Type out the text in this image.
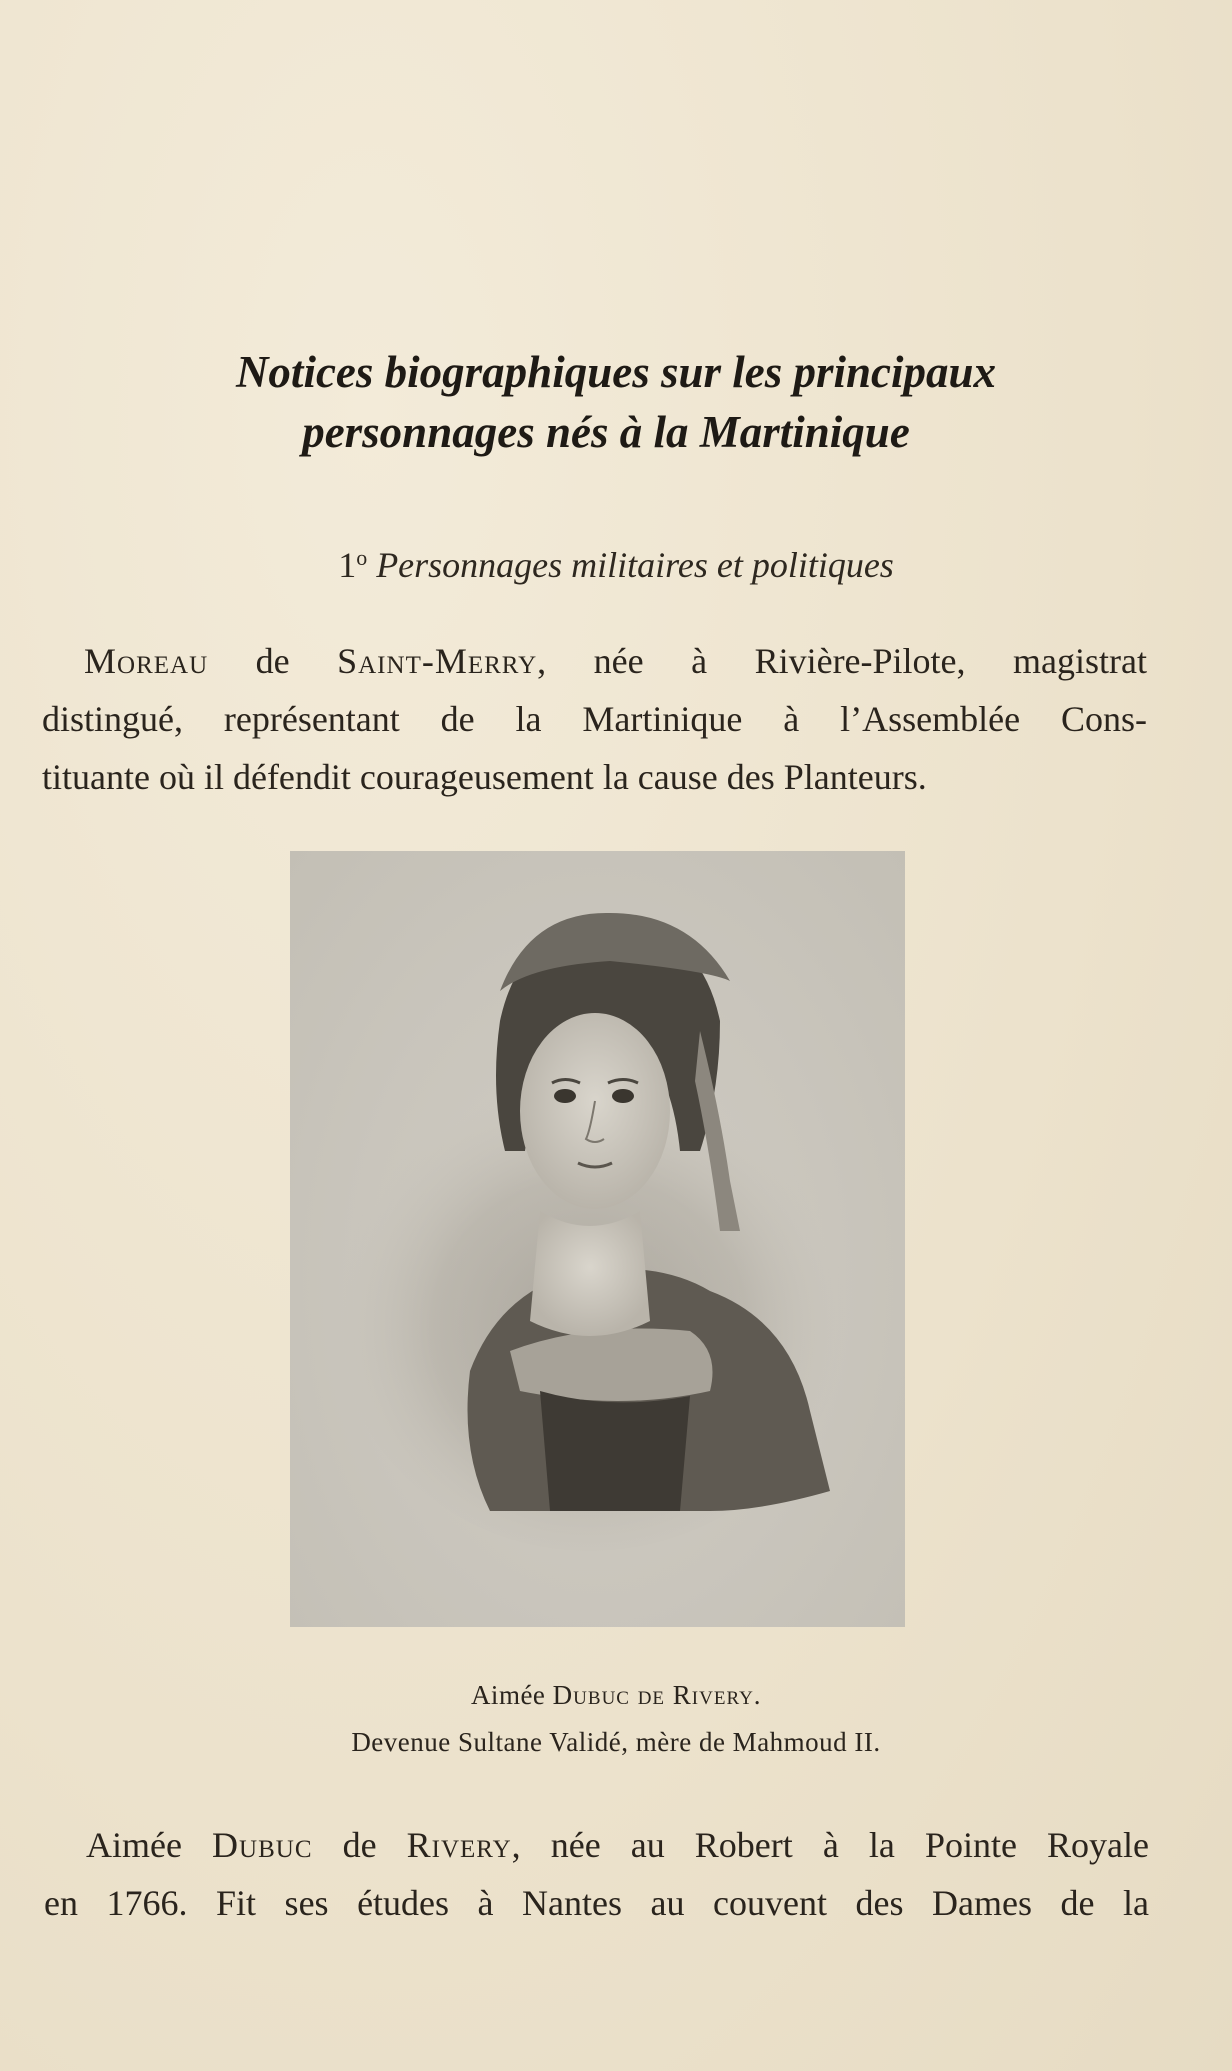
Notices biographiques sur les principaux
personnages nés à la Martinique
1$^o$ Personnages militaires et politiques
Moreau de Saint-Merry, née à Rivière-Pilote, magistrat
distingué, représentant de la Martinique à l’Assemblée Cons-
tituante où il défendit courageusement la cause des Planteurs.
Aimée Dubuc de Rivery.
Devenue Sultane Validé, mère de Mahmoud II.
Aimée Dubuc de Rivery, née au Robert à la Pointe Royale
en 1766. Fit ses études à Nantes au couvent des Dames de la
